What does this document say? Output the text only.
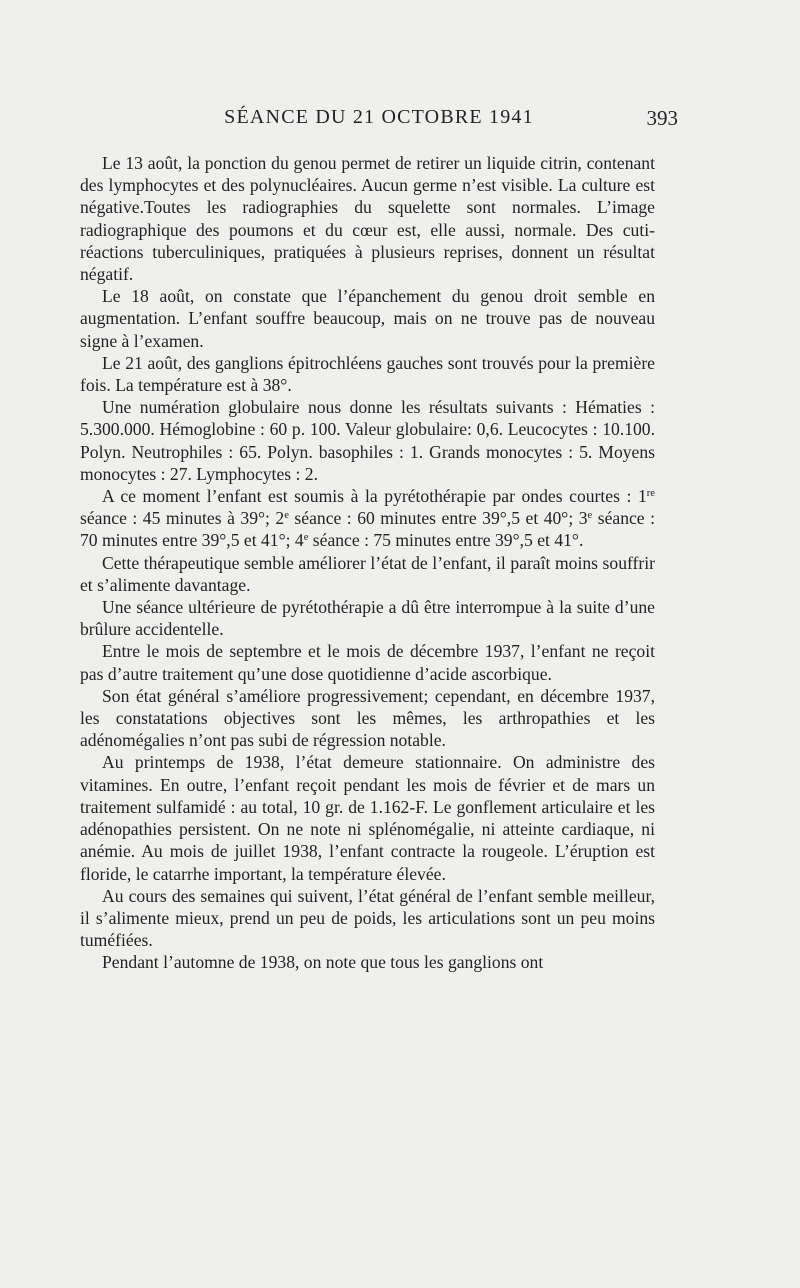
SÉANCE DU 21 OCTOBRE 1941	393

Le 13 août, la ponction du genou permet de retirer un liquide citrin, contenant des lymphocytes et des polynucléaires. Aucun germe n’est visible. La culture est négative.Toutes les radiographies du squelette sont normales. L’image radiographique des poumons et du cœur est, elle aussi, normale. Des cuti-réactions tuberculiniques, pratiquées à plusieurs reprises, donnent un résultat négatif.

Le 18 août, on constate que l’épanchement du genou droit semble en augmentation. L’enfant souffre beaucoup, mais on ne trouve pas de nouveau signe à l’examen.

Le 21 août, des ganglions épitrochléens gauches sont trouvés pour la première fois. La température est à 38°.

Une numération globulaire nous donne les résultats suivants : Hématies : 5.300.000. Hémoglobine : 60 p. 100. Valeur globulaire: 0,6. Leucocytes : 10.100. Polyn. Neutrophiles : 65. Polyn. basophiles : 1. Grands monocytes : 5. Moyens monocytes : 27. Lymphocytes : 2.

A ce moment l’enfant est soumis à la pyrétothérapie par ondes courtes : 1re séance : 45 minutes à 39°; 2e séance : 60 minutes entre 39°,5 et 40°; 3e séance : 70 minutes entre 39°,5 et 41°; 4e séance : 75 minutes entre 39°,5 et 41°.

Cette thérapeutique semble améliorer l’état de l’enfant, il paraît moins souffrir et s’alimente davantage.

Une séance ultérieure de pyrétothérapie a dû être interrompue à la suite d’une brûlure accidentelle.

Entre le mois de septembre et le mois de décembre 1937, l’enfant ne reçoit pas d’autre traitement qu’une dose quotidienne d’acide ascorbique.

Son état général s’améliore progressivement; cependant, en décembre 1937, les constatations objectives sont les mêmes, les arthropathies et les adénomégalies n’ont pas subi de régression notable.

Au printemps de 1938, l’état demeure stationnaire. On administre des vitamines. En outre, l’enfant reçoit pendant les mois de février et de mars un traitement sulfamidé : au total, 10 gr. de 1.162-F. Le gonflement articulaire et les adénopathies persistent. On ne note ni splénomégalie, ni atteinte cardiaque, ni anémie. Au mois de juillet 1938, l’enfant contracte la rougeole. L’éruption est floride, le catarrhe important, la température élevée.

Au cours des semaines qui suivent, l’état général de l’enfant semble meilleur, il s’alimente mieux, prend un peu de poids, les articulations sont un peu moins tuméfiées.

Pendant l’automne de 1938, on note que tous les ganglions ont
